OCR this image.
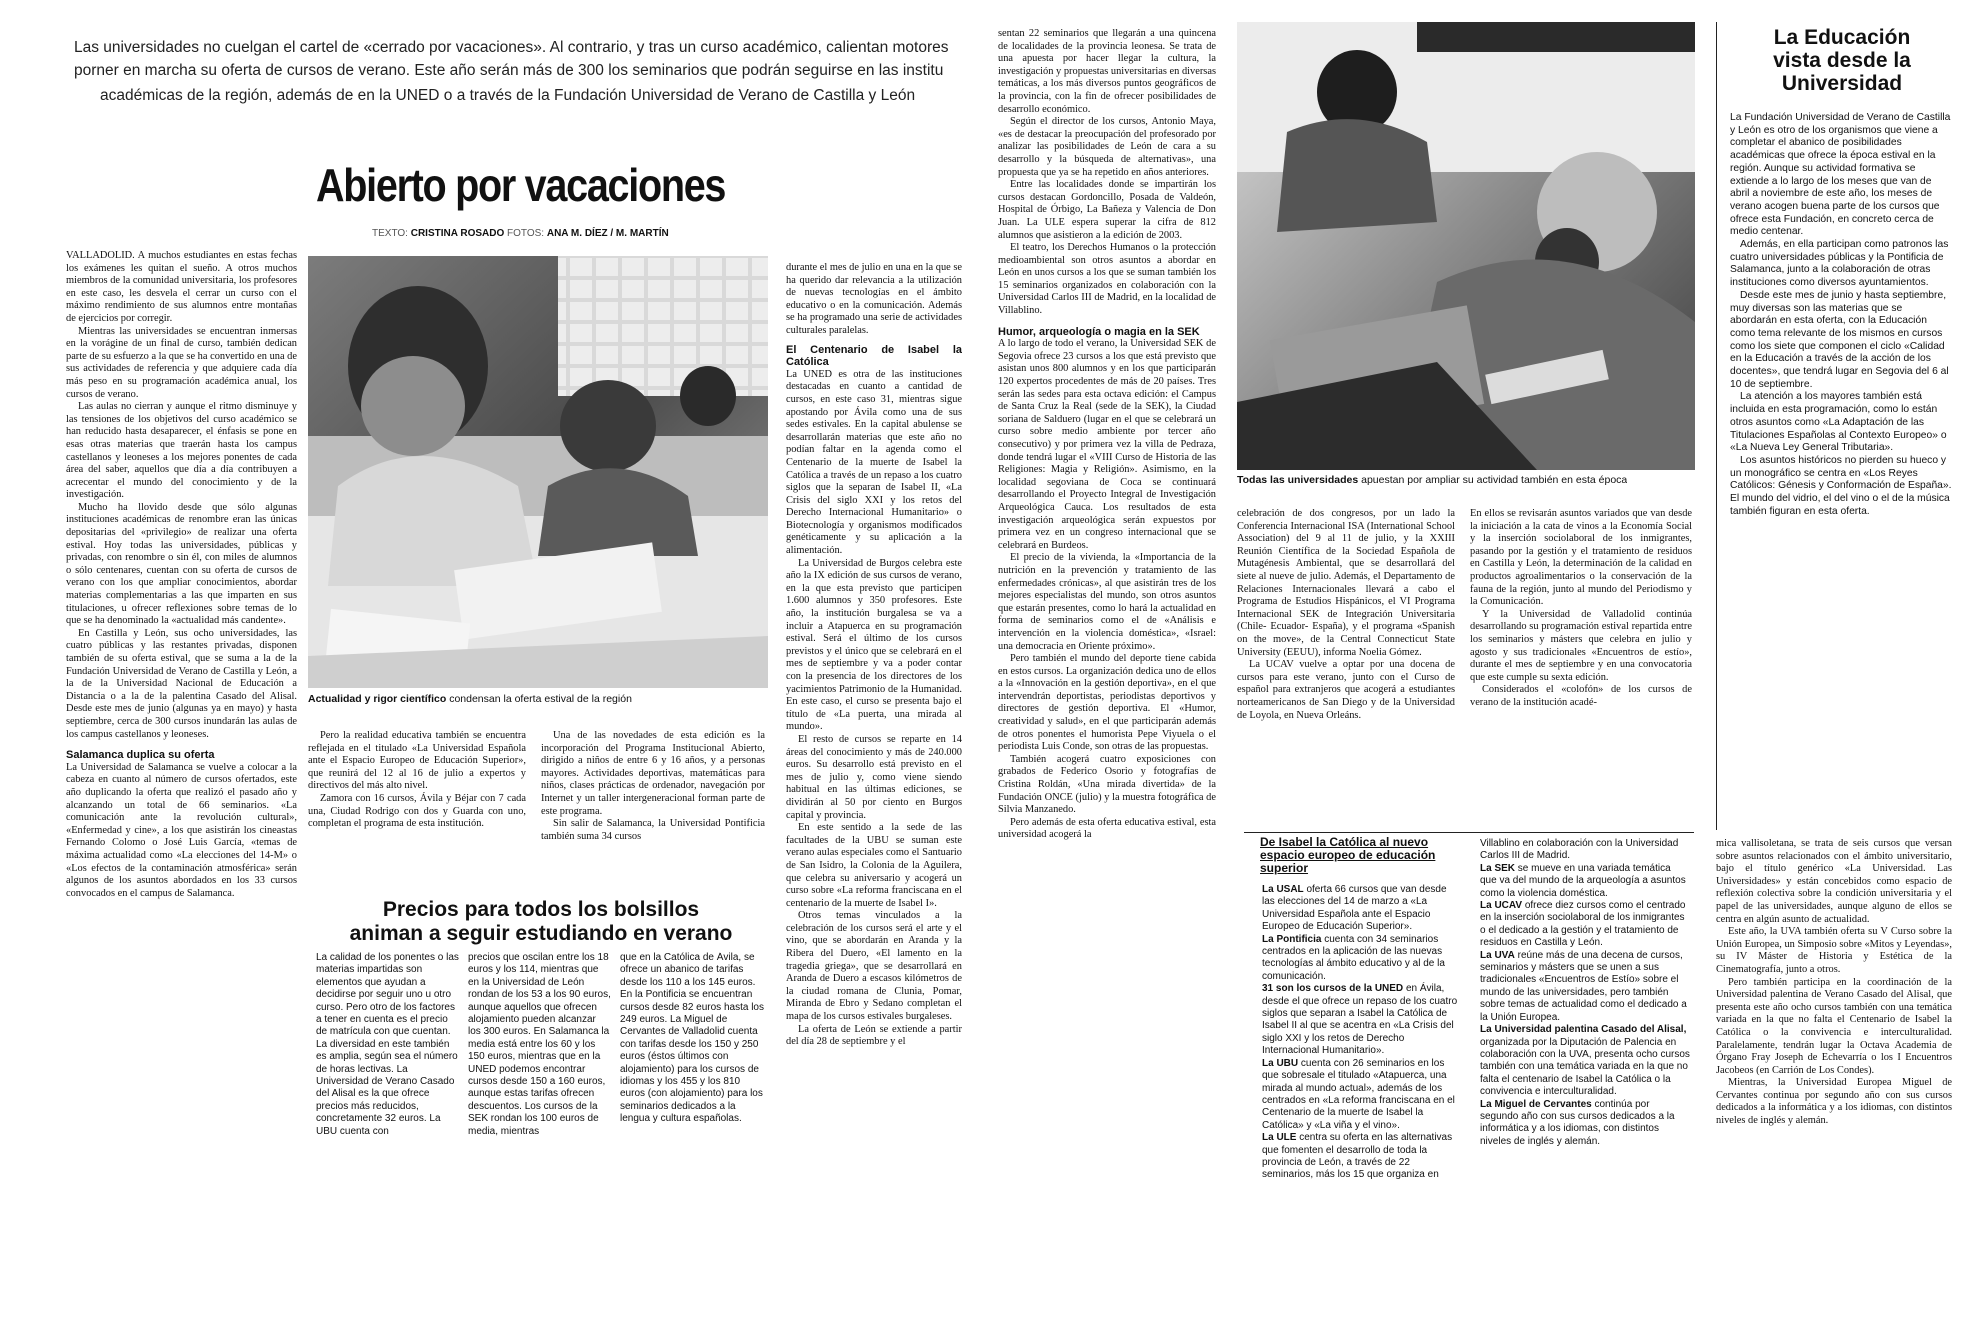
Las universidades no cuelgan el cartel de «cerrado por vacaciones». Al contrario, y tras un curso académico, calientan motores
porner en marcha su oferta de cursos de verano. Este año serán más de 300 los seminarios que podrán seguirse en las institu
académicas de la región, además de en la UNED o a través de la Fundación Universidad de Verano de Castilla y León
Abierto por vacaciones
TEXTO: CRISTINA ROSADO FOTOS: ANA M. DÍEZ / M. MARTÍN

VALLADOLID. A muchos estudiantes en estas fechas los exámenes les quitan el sueño. A otros muchos miembros de la comunidad universitaria, los profesores en este caso, les desvela el cerrar un curso con el máximo rendimiento de sus alumnos entre montañas de ejercicios por corregir.

Mientras las universidades se encuentran inmersas en la vorágine de un final de curso, también dedican parte de su esfuerzo a la que se ha convertido en una de sus actividades de referencia y que adquiere cada día más peso en su programación académica anual, los cursos de verano.

Las aulas no cierran y aunque el ritmo disminuye y las tensiones de los objetivos del curso académico se han reducido hasta desaparecer, el énfasis se pone en esas otras materias que traerán hasta los campus castellanos y leoneses a los mejores ponentes de cada área del saber, aquellos que día a día contribuyen a acrecentar el mundo del conocimiento y de la investigación.

Mucho ha llovido desde que sólo algunas instituciones académicas de renombre eran las únicas depositarias del «privilegio» de realizar una oferta estival. Hoy todas las universidades, públicas y privadas, con renombre o sin él, con miles de alumnos o sólo centenares, cuentan con su oferta de cursos de verano con los que ampliar conocimientos, abordar materias complementarias a las que imparten en sus titulaciones, u ofrecer reflexiones sobre temas de lo que se ha denominado la «actualidad más candente».

En Castilla y León, sus ocho universidades, las cuatro públicas y las restantes privadas, disponen también de su oferta estival, que se suma a la de la Fundación Universidad de Verano de Castilla y León, a la de la Universidad Nacional de Educación a Distancia o a la de la palentina Casado del Alisal. Desde este mes de junio (algunas ya en mayo) y hasta septiembre, cerca de 300 cursos inundarán las aulas de los campus castellanos y leoneses.

Salamanca duplica su oferta

La Universidad de Salamanca se vuelve a colocar a la cabeza en cuanto al número de cursos ofertados, este año duplicando la oferta que realizó el pasado año y alcanzando un total de 66 seminarios. «La comunicación ante la revolución cultural», «Enfermedad y cine», a los que asistirán los cineastas Fernando Colomo o José Luis García, «temas de máxima actualidad como «La elecciones del 14-M» o «Los efectos de la contaminación atmosférica» serán algunos de los asuntos abordados en los 33 cursos convocados en el campus de Salamanca.

Actualidad y rigor científico condensan la oferta estival de la región

Pero la realidad educativa también se encuentra reflejada en el titulado «La Universidad Española ante el Espacio Europeo de Educación Superior», que reunirá del 12 al 16 de julio a expertos y directivos del más alto nivel.

Zamora con 16 cursos, Ávila y Béjar con 7 cada una, Ciudad Rodrigo con dos y Guarda con uno, completan el programa de esta institución.

Una de las novedades de esta edición es la incorporación del Programa Institucional Abierto, dirigido a niños de entre 6 y 16 años, y a personas mayores. Actividades deportivas, matemáticas para niños, clases prácticas de ordenador, navegación por Internet y un taller intergeneracional forman parte de este programa.

Sin salir de Salamanca, la Universidad Pontificia también suma 34 cursos

Precios para todos los bolsillos
animan a seguir estudiando en verano
La calidad de los ponentes o las materias impartidas son elementos que ayudan a decidirse por seguir uno u otro curso. Pero otro de los factores a tener en cuenta es el precio de matrícula con que cuentan. La diversidad en este también es amplia, según sea el número de horas lectivas. La Universidad de Verano Casado del Alisal es la que ofrece precios más reducidos, concretamente 32 euros. La UBU cuenta con
precios que oscilan entre los 18 euros y los 114, mientras que en la Universidad de León rondan de los 53 a los 90 euros, aunque aquellos que ofrecen alojamiento pueden alcanzar los 300 euros. En Salamanca la media está entre los 60 y los 150 euros, mientras que en la UNED podemos encontrar cursos desde 150 a 160 euros, aunque estas tarifas ofrecen descuentos. Los cursos de la SEK rondan los 100 euros de media, mientras
que en la Católica de Ávila, se ofrece un abanico de tarifas desde los 110 a los 145 euros. En la Pontificia se encuentran cursos desde 82 euros hasta los 249 euros. La Miguel de Cervantes de Valladolid cuenta con tarifas desde los 150 y 250 euros (éstos últimos con alojamiento) para los cursos de idiomas y los 455 y los 810 euros (con alojamiento) para los seminarios dedicados a la lengua y cultura españolas.

durante el mes de julio en una en la que se ha querido dar relevancia a la utilización de nuevas tecnologías en el ámbito educativo o en la comunicación. Además se ha programado una serie de actividades culturales paralelas.

El Centenario de Isabel la Católica

La UNED es otra de las instituciones destacadas en cuanto a cantidad de cursos, en este caso 31, mientras sigue apostando por Ávila como una de sus sedes estivales. En la capital abulense se desarrollarán materias que este año no podían faltar en la agenda como el Centenario de la muerte de Isabel la Católica a través de un repaso a los cuatro siglos que la separan de Isabel II, «La Crisis del siglo XXI y los retos del Derecho Internacional Humanitario» o Biotecnología y organismos modificados genéticamente y su aplicación a la alimentación.

La Universidad de Burgos celebra este año la IX edición de sus cursos de verano, en la que esta previsto que participen 1.600 alumnos y 350 profesores. Este año, la institución burgalesa se va a incluir a Atapuerca en su programación estival. Será el último de los cursos previstos y el único que se celebrará en el mes de septiembre y va a poder contar con la presencia de los directores de los yacimientos Patrimonio de la Humanidad. En este caso, el curso se presenta bajo el título de «La puerta, una mirada al mundo».

El resto de cursos se reparte en 14 áreas del conocimiento y más de 240.000 euros. Su desarrollo está previsto en el mes de julio y, como viene siendo habitual en las últimas ediciones, se dividirán al 50 por ciento en Burgos capital y provincia.

En este sentido a la sede de las facultades de la UBU se suman este verano aulas especiales como el Santuario de San Isidro, la Colonia de la Aguilera, que celebra su aniversario y acogerá un curso sobre «La reforma franciscana en el centenario de la muerte de Isabel I».

Otros temas vinculados a la celebración de los cursos será el arte y el vino, que se abordarán en Aranda y la Ribera del Duero, «El lamento en la tragedia griega», que se desarrollará en Aranda de Duero a escasos kilómetros de la ciudad romana de Clunia, Pomar, Miranda de Ebro y Sedano completan el mapa de los cursos estivales burgaleses.

La oferta de León se extiende a partir del día 28 de septiembre y el

sentan 22 seminarios que llegarán a una quincena de localidades de la provincia leonesa. Se trata de una apuesta por hacer llegar la cultura, la investigación y propuestas universitarias en diversas temáticas, a los más diversos puntos geográficos de la provincia, con la fin de ofrecer posibilidades de desarrollo económico.

Según el director de los cursos, Antonio Maya, «es de destacar la preocupación del profesorado por analizar las posibilidades de León de cara a su desarrollo y la búsqueda de alternativas», una propuesta que ya se ha repetido en años anteriores.

Entre las localidades donde se impartirán los cursos destacan Gordoncillo, Posada de Valdeón, Hospital de Órbigo, La Bañeza y Valencia de Don Juan. La ULE espera superar la cifra de 812 alumnos que asistieron a la edición de 2003.

El teatro, los Derechos Humanos o la protección medioambiental son otros asuntos a abordar en León en unos cursos a los que se suman también los 15 seminarios organizados en colaboración con la Universidad Carlos III de Madrid, en la localidad de Villablino.

Humor, arqueología o magia en la SEK

A lo largo de todo el verano, la Universidad SEK de Segovia ofrece 23 cursos a los que está previsto que asistan unos 800 alumnos y en los que participarán 120 expertos procedentes de más de 20 países. Tres serán las sedes para esta octava edición: el Campus de Santa Cruz la Real (sede de la SEK), la Ciudad soriana de Salduero (lugar en el que se celebrará un curso sobre medio ambiente por tercer año consecutivo) y por primera vez la villa de Pedraza, donde tendrá lugar el «VIII Curso de Historia de las Religiones: Magia y Religión». Asimismo, en la localidad segoviana de Coca se continuará desarrollando el Proyecto Integral de Investigación Arqueológica Cauca. Los resultados de esta investigación arqueológica serán expuestos por primera vez en un congreso internacional que se celebrará en Burdeos.

El precio de la vivienda, la «Importancia de la nutrición en la prevención y tratamiento de las enfermedades crónicas», al que asistirán tres de los mejores especialistas del mundo, son otros asuntos que estarán presentes, como lo hará la actualidad en forma de seminarios como el de «Análisis e intervención en la violencia doméstica», «Israel: una democracia en Oriente próximo».

Pero también el mundo del deporte tiene cabida en estos cursos. La organización dedica uno de ellos a la «Innovación en la gestión deportiva», en el que intervendrán deportistas, periodistas deportivos y directores de gestión deportiva. El «Humor, creatividad y salud», en el que participarán además de otros ponentes el humorista Pepe Viyuela o el periodista Luis Conde, son otras de las propuestas.

También acogerá cuatro exposiciones con grabados de Federico Osorio y fotografías de Cristina Roldán, «Una mirada divertida» de la Fundación ONCE (julio) y la muestra fotográfica de Silvia Manzanedo.

Pero además de esta oferta educativa estival, esta universidad acogerá la

Todas las universidades apuestan por ampliar su actividad también en esta época

celebración de dos congresos, por un lado la Conferencia Internacional ISA (International School Association) del 9 al 11 de julio, y la XXIII Reunión Científica de la Sociedad Española de Mutagénesis Ambiental, que se desarrollará del siete al nueve de julio. Además, el Departamento de Relaciones Internacionales llevará a cabo el Programa de Estudios Hispánicos, el VI Programa Internacional SEK de Integración Universitaria (Chile- Ecuador- España), y el programa «Spanish on the move», de la Central Connecticut State University (EEUU), informa Noelia Gómez.

La UCAV vuelve a optar por una docena de cursos para este verano, junto con el Curso de español para extranjeros que acogerá a estudiantes norteamericanos de San Diego y de la Universidad de Loyola, en Nueva Orleáns.

En ellos se revisarán asuntos variados que van desde la iniciación a la cata de vinos a la Economía Social y la inserción sociolaboral de los inmigrantes, pasando por la gestión y el tratamiento de residuos en Castilla y León, la determinación de la calidad en productos agroalimentarios o la conservación de la fauna de la región, junto al mundo del Periodismo y la Comunicación.

Y la Universidad de Valladolid continúa desarrollando su programación estival repartida entre los seminarios y másters que celebra en julio y agosto y sus tradicionales «Encuentros de estío», durante el mes de septiembre y en una convocatoria que este cumple su sexta edición.

Considerados el «colofón» de los cursos de verano de la institución acadé-

De Isabel la Católica al nuevo espacio europeo de educación superior
La USAL oferta 66 cursos que van desde las elecciones del 14 de marzo a «La Universidad Española ante el Espacio Europeo de Educación Superior».
La Pontificia cuenta con 34 seminarios centrados en la aplicación de las nuevas tecnologías al ámbito educativo y al de la comunicación.
31 son los cursos de la UNED en Ávila, desde el que ofrece un repaso de los cuatro siglos que separan a Isabel la Católica de Isabel II al que se acentra en «La Crisis del siglo XXI y los retos de Derecho Internacional Humanitario».
La UBU cuenta con 26 seminarios en los que sobresale el titulado «Atapuerca, una mirada al mundo actual», además de los centrados en «La reforma franciscana en el Centenario de la muerte de Isabel la Católica» y «La viña y el vino».
La ULE centra su oferta en las alternativas que fomenten el desarrollo de toda la provincia de León, a través de 22 seminarios, más los 15 que organiza en
Villablino en colaboración con la Universidad Carlos III de Madrid.
La SEK se mueve en una variada temática que va del mundo de la arqueología a asuntos como la violencia doméstica.
La UCAV ofrece diez cursos como el centrado en la inserción sociolaboral de los inmigrantes o el dedicado a la gestión y el tratamiento de residuos en Castilla y León.
La UVA reúne más de una decena de cursos, seminarios y másters que se unen a sus tradicionales «Encuentros de Estío» sobre el mundo de las universidades, pero también sobre temas de actualidad como el dedicado a la Unión Europea.
La Universidad palentina Casado del Alisal, organizada por la Diputación de Palencia en colaboración con la UVA, presenta ocho cursos también con una temática variada en la que no falta el centenario de Isabel la Católica o la convivencia e interculturalidad.
La Miguel de Cervantes continúa por segundo año con sus cursos dedicados a la informática y a los idiomas, con distintos niveles de inglés y alemán.
La Educación
vista desde la
Universidad
La Fundación Universidad de Verano de Castilla y León es otro de los organismos que viene a completar el abanico de posibilidades académicas que ofrece la época estival en la región. Aunque su actividad formativa se extiende a lo largo de los meses que van de abril a noviembre de este año, los meses de verano acogen buena parte de los cursos que ofrece esta Fundación, en concreto cerca de medio centenar.
Además, en ella participan como patronos las cuatro universidades públicas y la Pontificia de Salamanca, junto a la colaboración de otras instituciones como diversos ayuntamientos.
Desde este mes de junio y hasta septiembre, muy diversas son las materias que se abordarán en esta oferta, con la Educación como tema relevante de los mismos en cursos como los siete que componen el ciclo «Calidad en la Educación a través de la acción de los docentes», que tendrá lugar en Segovia del 6 al 10 de septiembre.
La atención a los mayores también está incluida en esta programación, como lo están otros asuntos como «La Adaptación de las Titulaciones Españolas al Contexto Europeo» o «La Nueva Ley General Tributaria».
Los asuntos históricos no pierden su hueco y un monográfico se centra en «Los Reyes Católicos: Génesis y Conformación de España». El mundo del vidrio, el del vino o el de la música también figuran en esta oferta.

mica vallisoletana, se trata de seis cursos que versan sobre asuntos relacionados con el ámbito universitario, bajo el título genérico «La Universidad. Las Universidades» y están concebidos como espacio de reflexión colectiva sobre la condición universitaria y el papel de las universidades, aunque alguno de ellos se centra en algún asunto de actualidad.

Este año, la UVA también oferta su V Curso sobre la Unión Europea, un Simposio sobre «Mitos y Leyendas», su IV Máster de Historia y Estética de la Cinematografía, junto a otros.

Pero también participa en la coordinación de la Universidad palentina de Verano Casado del Alisal, que presenta este año ocho cursos también con una temática variada en la que no falta el Centenario de Isabel la Católica o la convivencia e interculturalidad. Paralelamente, tendrán lugar la Octava Academia de Órgano Fray Joseph de Echevarría o los I Encuentros Jacobeos (en Carrión de Los Condes).

Mientras, la Universidad Europea Miguel de Cervantes continua por segundo año con sus cursos dedicados a la informática y a los idiomas, con distintos niveles de inglés y alemán.
